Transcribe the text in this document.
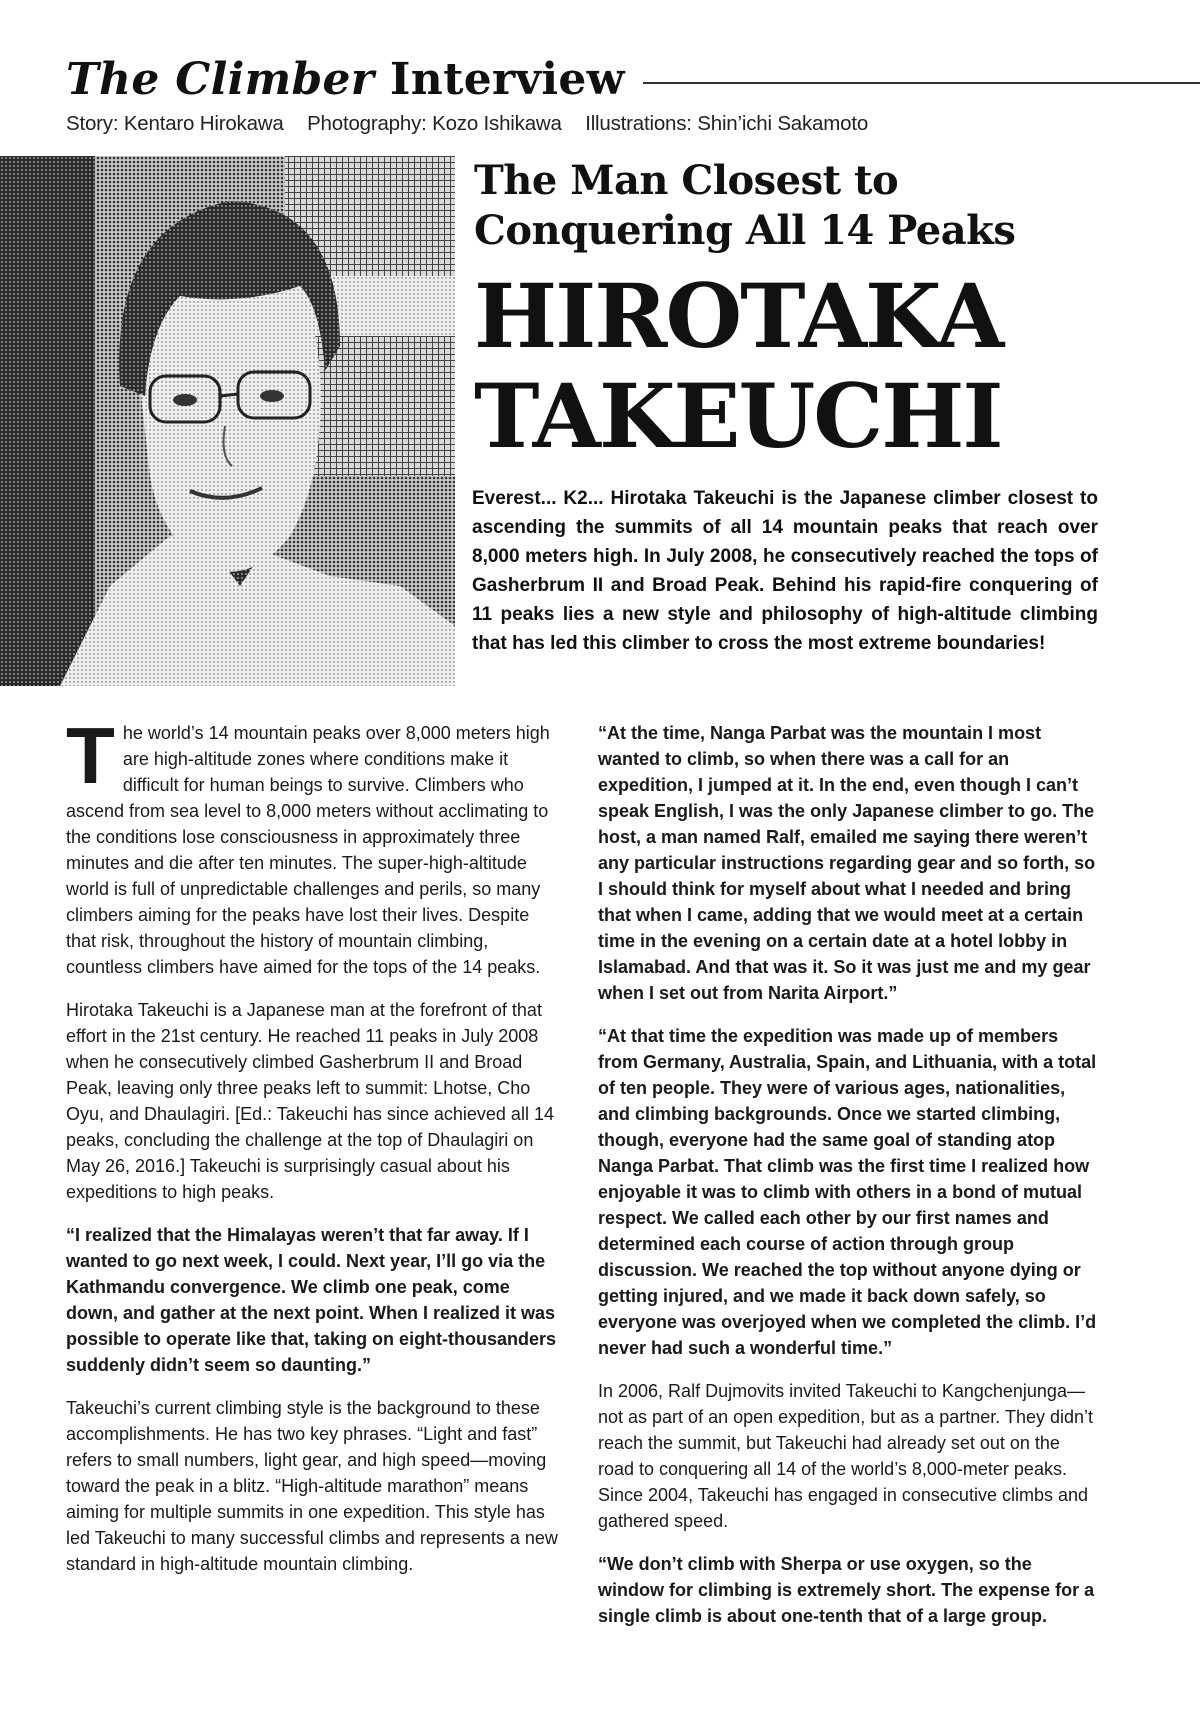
The Climber Interview
Story: Kentaro Hirokawa Photography: Kozo Ishikawa Illustrations: Shin’ichi Sakamoto
The Man Closest to
Conquering All 14 Peaks
HIROTAKA
TAKEUCHI
Everest... K2... Hirotaka Takeuchi is the Japanese climber closest to ascending the summits of all 14 mountain peaks that reach over 8,000 meters high. In July 2008, he consecutively reached the tops of Gasherbrum II and Broad Peak. Behind his rapid-fire conquering of 11 peaks lies a new style and philosophy of high-altitude climbing that has led this climber to cross the most extreme boundaries!

The world’s 14 mountain peaks over 8,000 meters high are high-altitude zones where conditions make it difficult for human beings to survive. Climbers who ascend from sea level to 8,000 meters without acclimating to the conditions lose consciousness in approximately three minutes and die after ten minutes. The super-high-altitude world is full of unpredictable challenges and perils, so many climbers aiming for the peaks have lost their lives. Despite that risk, throughout the history of mountain climbing, countless climbers have aimed for the tops of the 14 peaks.

Hirotaka Takeuchi is a Japanese man at the forefront of that effort in the 21st century. He reached 11 peaks in July 2008 when he consecutively climbed Gasherbrum II and Broad Peak, leaving only three peaks left to summit: Lhotse, Cho Oyu, and Dhaulagiri. [Ed.: Takeuchi has since achieved all 14 peaks, concluding the challenge at the top of Dhaulagiri on May 26, 2016.] Takeuchi is surprisingly casual about his expeditions to high peaks.

“I realized that the Himalayas weren’t that far away. If I wanted to go next week, I could. Next year, I’ll go via the Kathmandu convergence. We climb one peak, come down, and gather at the next point. When I realized it was possible to operate like that, taking on eight-thousanders suddenly didn’t seem so daunting.”

Takeuchi’s current climbing style is the background to these accomplishments. He has two key phrases. “Light and fast” refers to small numbers, light gear, and high speed—moving toward the peak in a blitz. “High-altitude marathon” means aiming for multiple summits in one expedition. This style has led Takeuchi to many successful climbs and represents a new standard in high-altitude mountain climbing.

“At the time, Nanga Parbat was the mountain I most wanted to climb, so when there was a call for an expedition, I jumped at it. In the end, even though I can’t speak English, I was the only Japanese climber to go. The host, a man named Ralf, emailed me saying there weren’t any particular instructions regarding gear and so forth, so I should think for myself about what I needed and bring that when I came, adding that we would meet at a certain time in the evening on a certain date at a hotel lobby in Islamabad. And that was it. So it was just me and my gear when I set out from Narita Airport.”

“At that time the expedition was made up of members from Germany, Australia, Spain, and Lithuania, with a total of ten people. They were of various ages, nationalities, and climbing backgrounds. Once we started climbing, though, everyone had the same goal of standing atop Nanga Parbat. That climb was the first time I realized how enjoyable it was to climb with others in a bond of mutual respect. We called each other by our first names and determined each course of action through group discussion. We reached the top without anyone dying or getting injured, and we made it back down safely, so everyone was overjoyed when we completed the climb. I’d never had such a wonderful time.”

In 2006, Ralf Dujmovits invited Takeuchi to Kangchenjunga—not as part of an open expedition, but as a partner. They didn’t reach the summit, but Takeuchi had already set out on the road to conquering all 14 of the world’s 8,000-meter peaks. Since 2004, Takeuchi has engaged in consecutive climbs and gathered speed.

“We don’t climb with Sherpa or use oxygen, so the window for climbing is extremely short. The expense for a single climb is about one-tenth that of a large group.
